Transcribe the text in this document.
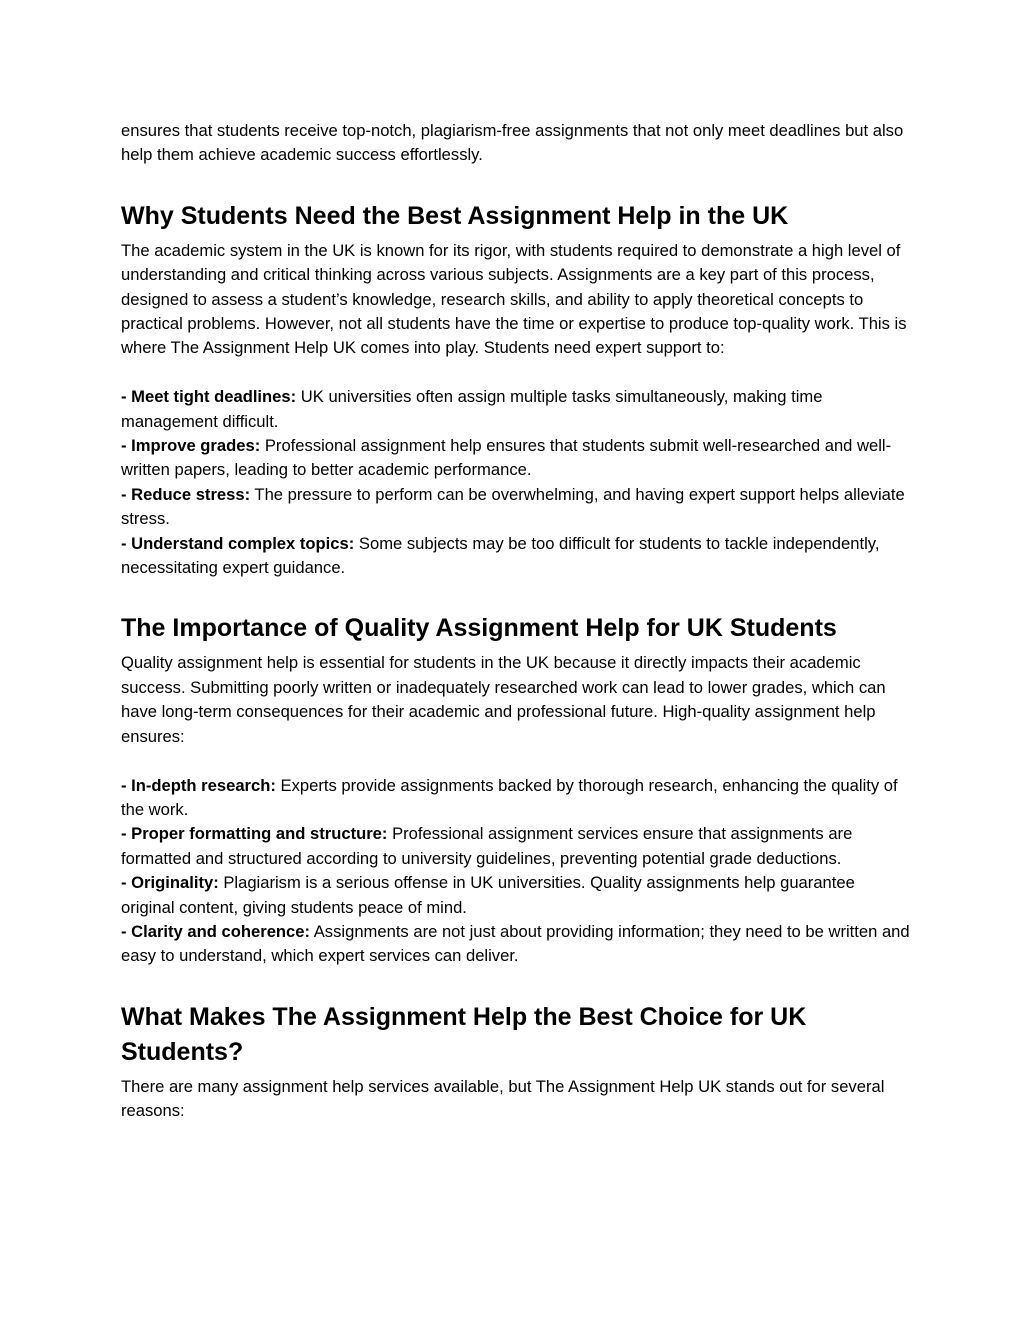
ensures that students receive top-notch, plagiarism-free assignments that not only meet deadlines but also help them achieve academic success effortlessly.

Why Students Need the Best Assignment Help in the UK

The academic system in the UK is known for its rigor, with students required to demonstrate a high level of understanding and critical thinking across various subjects. Assignments are a key part of this process, designed to assess a student’s knowledge, research skills, and ability to apply theoretical concepts to practical problems. However, not all students have the time or expertise to produce top-quality work. This is where The Assignment Help UK comes into play. Students need expert support to:

- Meet tight deadlines: UK universities often assign multiple tasks simultaneously, making time management difficult.

- Improve grades: Professional assignment help ensures that students submit well-researched and well-written papers, leading to better academic performance.

- Reduce stress: The pressure to perform can be overwhelming, and having expert support helps alleviate stress.

- Understand complex topics: Some subjects may be too difficult for students to tackle independently, necessitating expert guidance.

The Importance of Quality Assignment Help for UK Students

Quality assignment help is essential for students in the UK because it directly impacts their academic success. Submitting poorly written or inadequately researched work can lead to lower grades, which can have long-term consequences for their academic and professional future. High-quality assignment help ensures:

- In-depth research: Experts provide assignments backed by thorough research, enhancing the quality of the work.

- Proper formatting and structure: Professional assignment services ensure that assignments are formatted and structured according to university guidelines, preventing potential grade deductions.

- Originality: Plagiarism is a serious offense in UK universities. Quality assignments help guarantee original content, giving students peace of mind.

- Clarity and coherence: Assignments are not just about providing information; they need to be written and easy to understand, which expert services can deliver.

What Makes The Assignment Help the Best Choice for UK Students?

There are many assignment help services available, but The Assignment Help UK stands out for several reasons:
